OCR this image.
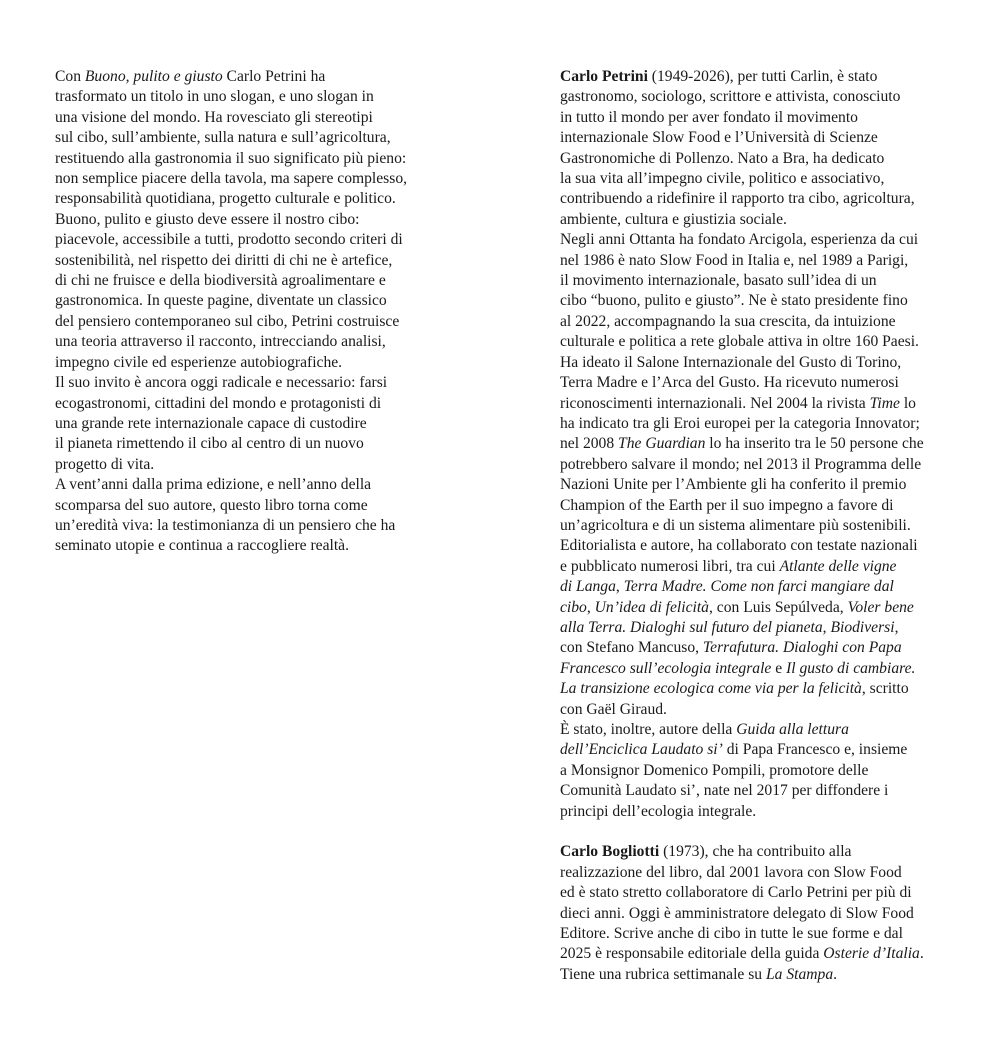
Con Buono, pulito e giusto Carlo Petrini ha
trasformato un titolo in uno slogan, e uno slogan in
una visione del mondo. Ha rovesciato gli stereotipi
sul cibo, sull’ambiente, sulla natura e sull’agricoltura,
restituendo alla gastronomia il suo significato più pieno:
non semplice piacere della tavola, ma sapere complesso,
responsabilità quotidiana, progetto culturale e politico.
Buono, pulito e giusto deve essere il nostro cibo:
piacevole, accessibile a tutti, prodotto secondo criteri di
sostenibilità, nel rispetto dei diritti di chi ne è artefice,
di chi ne fruisce e della biodiversità agroalimentare e
gastronomica. In queste pagine, diventate un classico
del pensiero contemporaneo sul cibo, Petrini costruisce
una teoria attraverso il racconto, intrecciando analisi,
impegno civile ed esperienze autobiografiche.
Il suo invito è ancora oggi radicale e necessario: farsi
ecogastronomi, cittadini del mondo e protagonisti di
una grande rete internazionale capace di custodire
il pianeta rimettendo il cibo al centro di un nuovo
progetto di vita.
A vent’anni dalla prima edizione, e nell’anno della
scomparsa del suo autore, questo libro torna come
un’eredità viva: la testimonianza di un pensiero che ha
seminato utopie e continua a raccogliere realtà.
Carlo Petrini (1949-2026), per tutti Carlin, è stato
gastronomo, sociologo, scrittore e attivista, conosciuto
in tutto il mondo per aver fondato il movimento
internazionale Slow Food e l’Università di Scienze
Gastronomiche di Pollenzo. Nato a Bra, ha dedicato
la sua vita all’impegno civile, politico e associativo,
contribuendo a ridefinire il rapporto tra cibo, agricoltura,
ambiente, cultura e giustizia sociale.
Negli anni Ottanta ha fondato Arcigola, esperienza da cui
nel 1986 è nato Slow Food in Italia e, nel 1989 a Parigi,
il movimento internazionale, basato sull’idea di un
cibo “buono, pulito e giusto”. Ne è stato presidente fino
al 2022, accompagnando la sua crescita, da intuizione
culturale e politica a rete globale attiva in oltre 160 Paesi.
Ha ideato il Salone Internazionale del Gusto di Torino,
Terra Madre e l’Arca del Gusto. Ha ricevuto numerosi
riconoscimenti internazionali. Nel 2004 la rivista Time lo
ha indicato tra gli Eroi europei per la categoria Innovator;
nel 2008 The Guardian lo ha inserito tra le 50 persone che
potrebbero salvare il mondo; nel 2013 il Programma delle
Nazioni Unite per l’Ambiente gli ha conferito il premio
Champion of the Earth per il suo impegno a favore di
un’agricoltura e di un sistema alimentare più sostenibili.
Editorialista e autore, ha collaborato con testate nazionali
e pubblicato numerosi libri, tra cui Atlante delle vigne
di Langa, Terra Madre. Come non farci mangiare dal
cibo, Un’idea di felicità, con Luis Sepúlveda, Voler bene
alla Terra. Dialoghi sul futuro del pianeta, Biodiversi,
con Stefano Mancuso, Terrafutura. Dialoghi con Papa
Francesco sull’ecologia integrale e Il gusto di cambiare.
La transizione ecologica come via per la felicità, scritto
con Gaël Giraud.
È stato, inoltre, autore della Guida alla lettura
dell’Enciclica Laudato si’ di Papa Francesco e, insieme
a Monsignor Domenico Pompili, promotore delle
Comunità Laudato si’, nate nel 2017 per diffondere i
principi dell’ecologia integrale.
Carlo Bogliotti (1973), che ha contribuito alla
realizzazione del libro, dal 2001 lavora con Slow Food
ed è stato stretto collaboratore di Carlo Petrini per più di
dieci anni. Oggi è amministratore delegato di Slow Food
Editore. Scrive anche di cibo in tutte le sue forme e dal
2025 è responsabile editoriale della guida Osterie d’Italia.
Tiene una rubrica settimanale su La Stampa.
